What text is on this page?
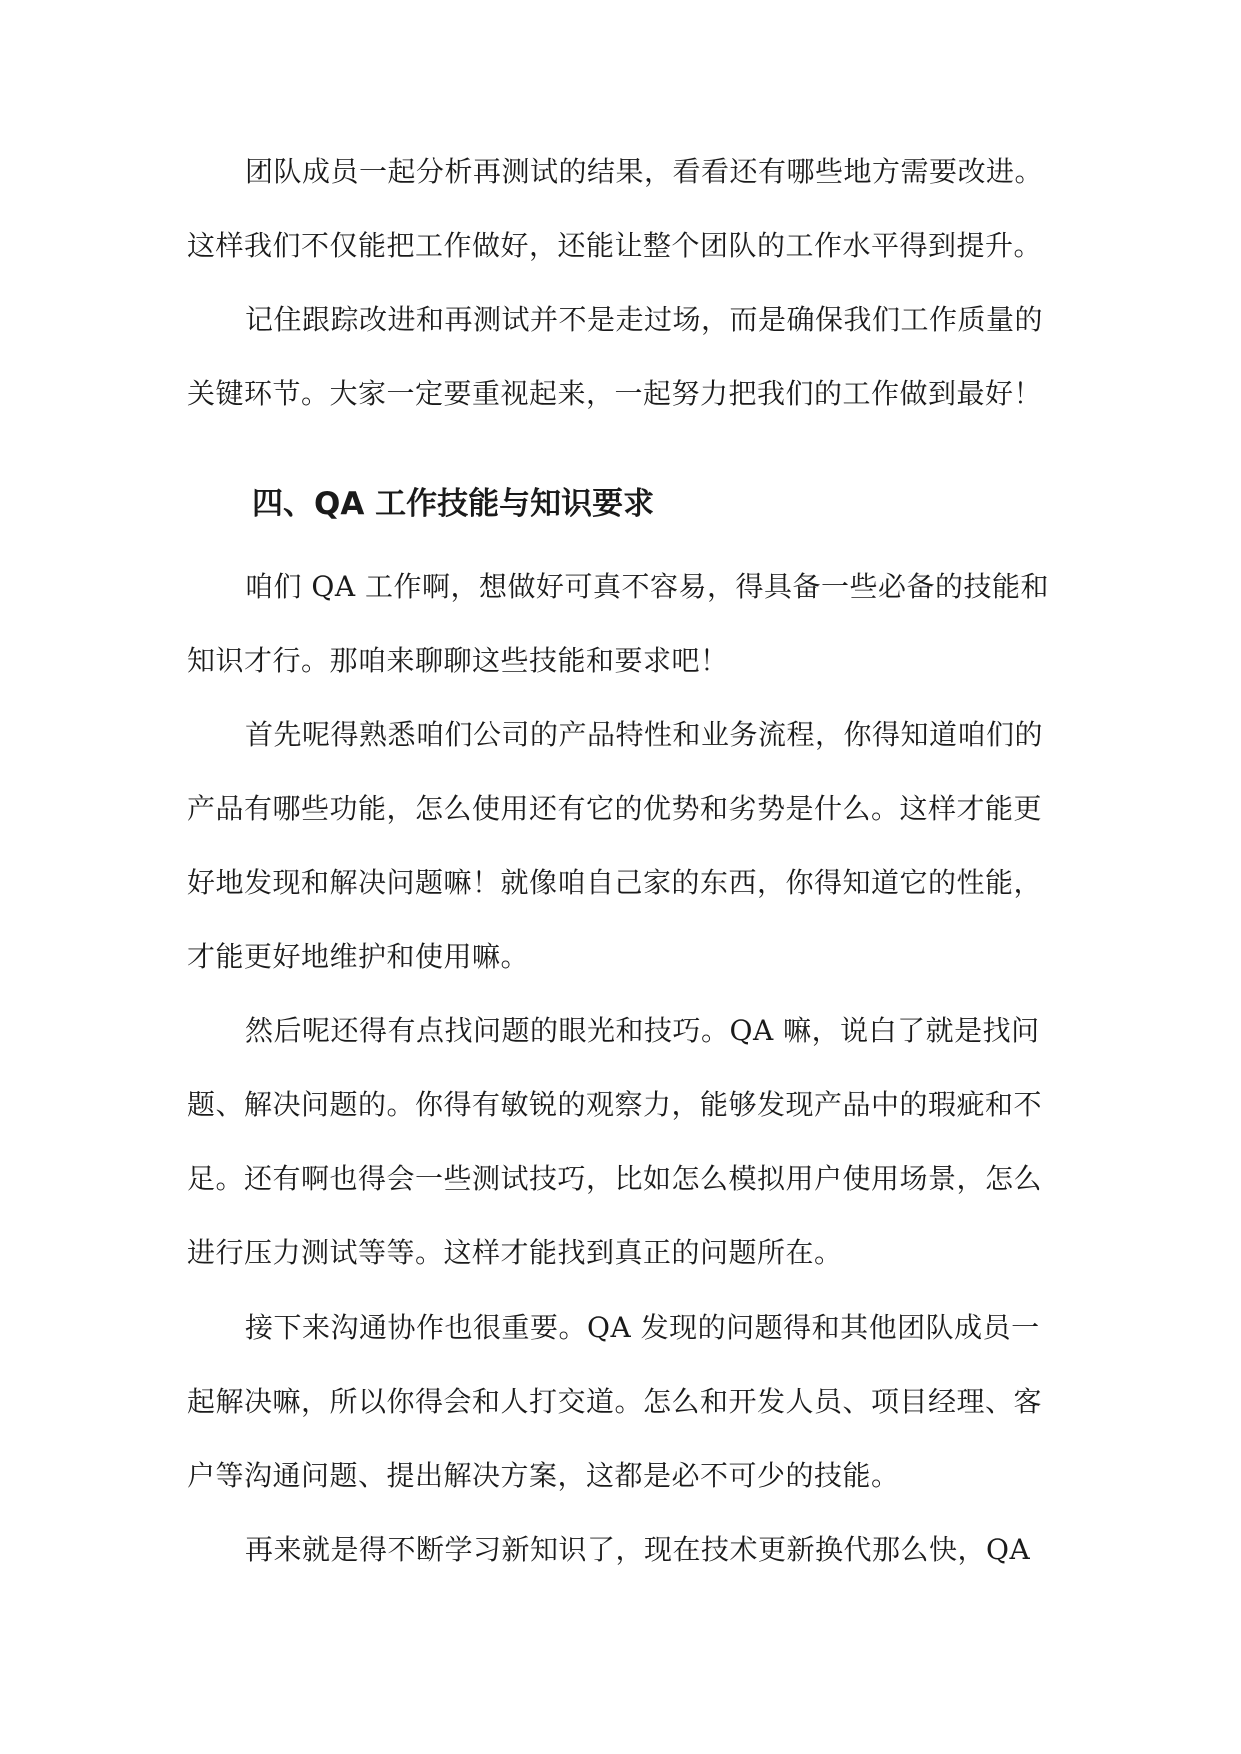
团队成员一起分析再测试的结果，看看还有哪些地方需要改进。
这样我们不仅能把工作做好，还能让整个团队的工作水平得到提升。
记住跟踪改进和再测试并不是走过场，而是确保我们工作质量的
关键环节。大家一定要重视起来，一起努力把我们的工作做到最好！
四、QA 工作技能与知识要求
咱们 QA 工作啊，想做好可真不容易，得具备一些必备的技能和
知识才行。那咱来聊聊这些技能和要求吧！
首先呢得熟悉咱们公司的产品特性和业务流程，你得知道咱们的
产品有哪些功能，怎么使用还有它的优势和劣势是什么。这样才能更
好地发现和解决问题嘛！就像咱自己家的东西，你得知道它的性能，
才能更好地维护和使用嘛。
然后呢还得有点找问题的眼光和技巧。QA 嘛，说白了就是找问
题、解决问题的。你得有敏锐的观察力，能够发现产品中的瑕疵和不
足。还有啊也得会一些测试技巧，比如怎么模拟用户使用场景，怎么
进行压力测试等等。这样才能找到真正的问题所在。
接下来沟通协作也很重要。QA 发现的问题得和其他团队成员一
起解决嘛，所以你得会和人打交道。怎么和开发人员、项目经理、客
户等沟通问题、提出解决方案，这都是必不可少的技能。
再来就是得不断学习新知识了，现在技术更新换代那么快，QA
